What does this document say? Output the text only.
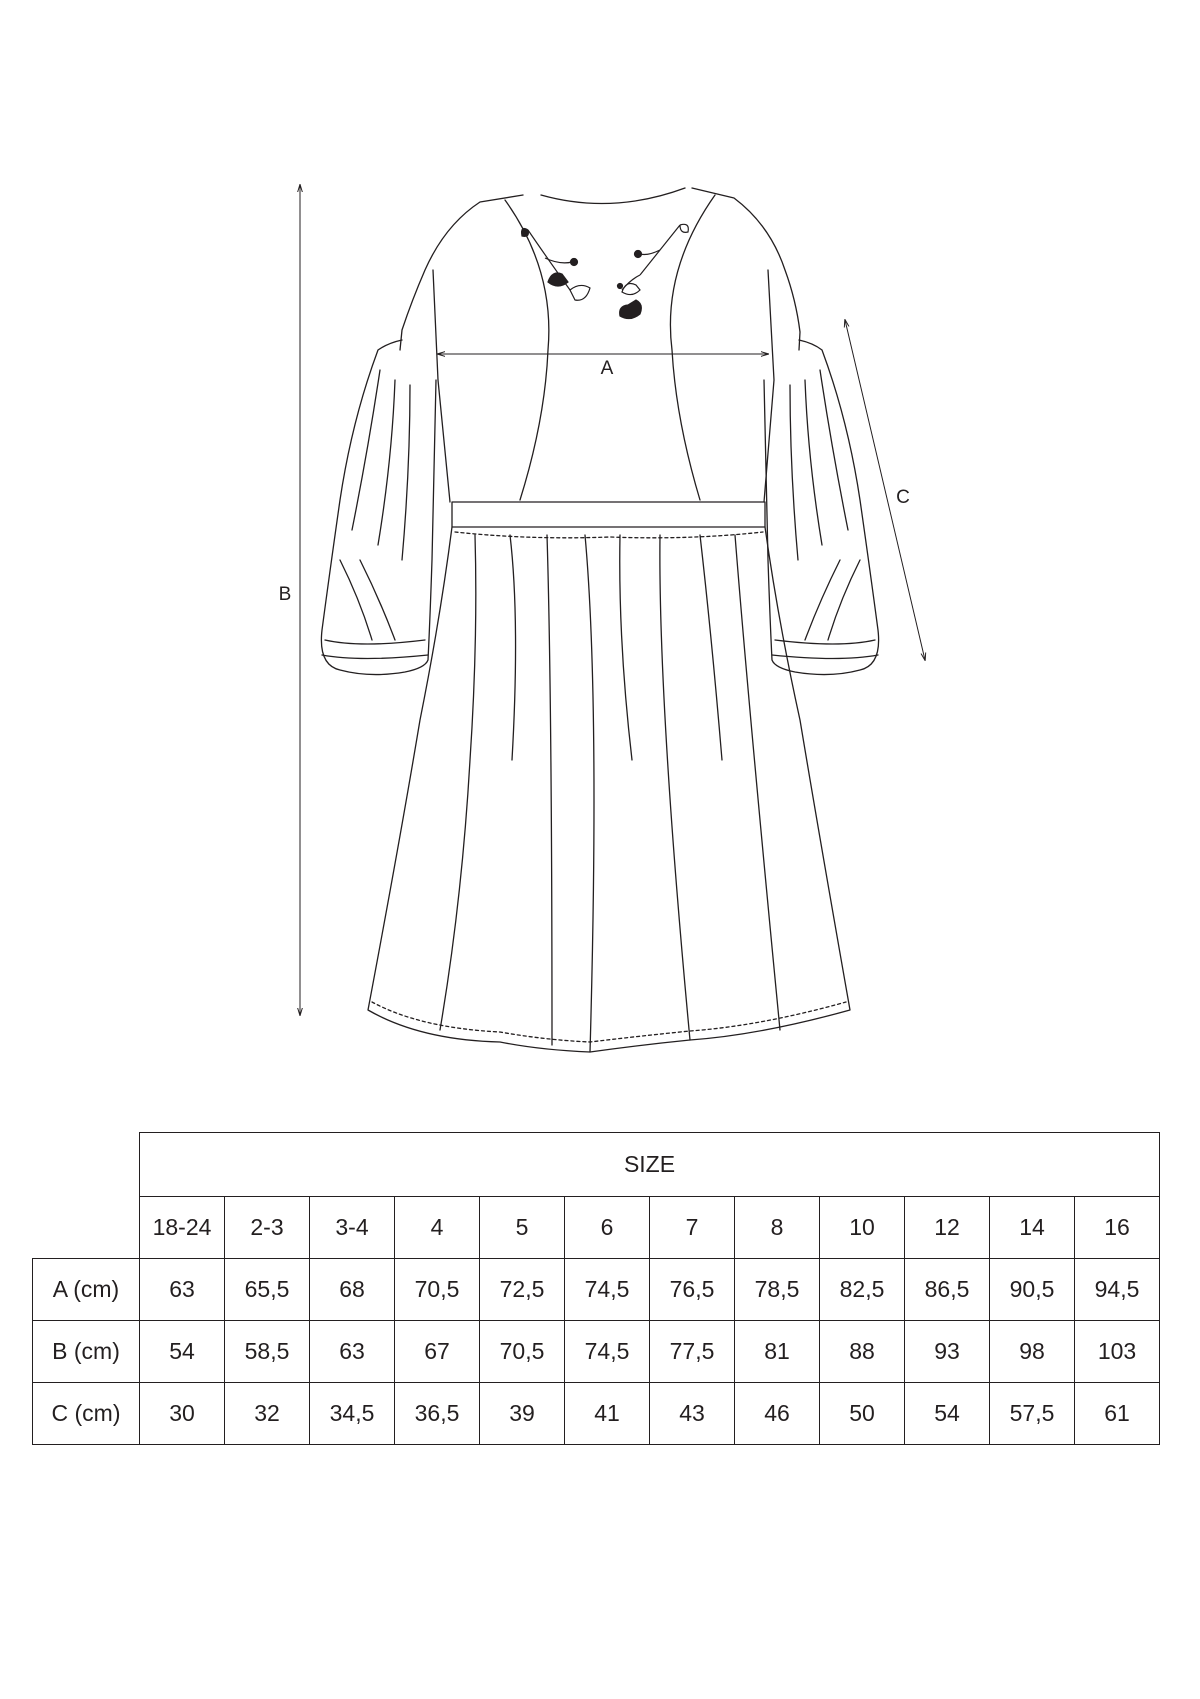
A
B
C
	SIZE											
	18-24	2-3	3-4	4	5	6	7	8	10	12	14	16
A (cm)	63	65,5	68	70,5	72,5	74,5	76,5	78,5	82,5	86,5	90,5	94,5
B (cm)	54	58,5	63	67	70,5	74,5	77,5	81	88	93	98	103
C (cm)	30	32	34,5	36,5	39	41	43	46	50	54	57,5	61
